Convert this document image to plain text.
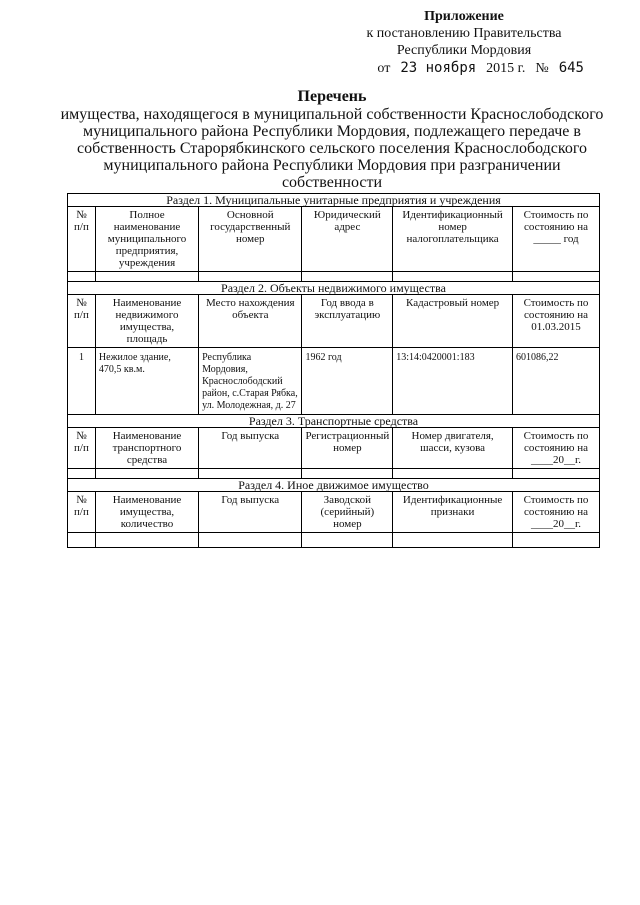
Приложение
к постановлению Правительства
Республики Мордовия
от 23 ноября 2015 г. № 645
Перечень
имущества, находящегося в муниципальной собственности Краснослободского муниципального района Республики Мордовия, подлежащего передаче в собственность Старорябкинского сельского поселения Краснослободского муниципального района Республики Мордовия при разграничении собственности
Раздел 1. Муниципальные унитарные предприятия и учреждения					
№ п/п	Полное наименование муниципального предприятия, учреждения	Основной государственный номер	Юридический адрес	Идентификационный номер налогоплательщика	Стоимость по состоянию на _____ год

Раздел 2. Объекты недвижимого имущества					
№ п/п	Наименование недвижимого имущества, площадь	Место нахождения объекта	Год ввода в эксплуатацию	Кадастровый номер	Стоимость по состоянию на 01.03.2015
1	Нежилое здание, 470,5 кв.м.	Республика Мордовия, Краснослободский район, с.Старая Рябка, ул. Молодежная, д. 27	1962 год	13:14:0420001:183	601086,22
Раздел 3. Транспортные средства					
№ п/п	Наименование транспортного средства	Год выпуска	Регистрационный номер	Номер двигателя, шасси, кузова	Стоимость по состоянию на ____20__г.

Раздел 4. Иное движимое имущество					
№ п/п	Наименование имущества, количество	Год выпуска	Заводской (серийный) номер	Идентификационные признаки	Стоимость по состоянию на ____20__г.
